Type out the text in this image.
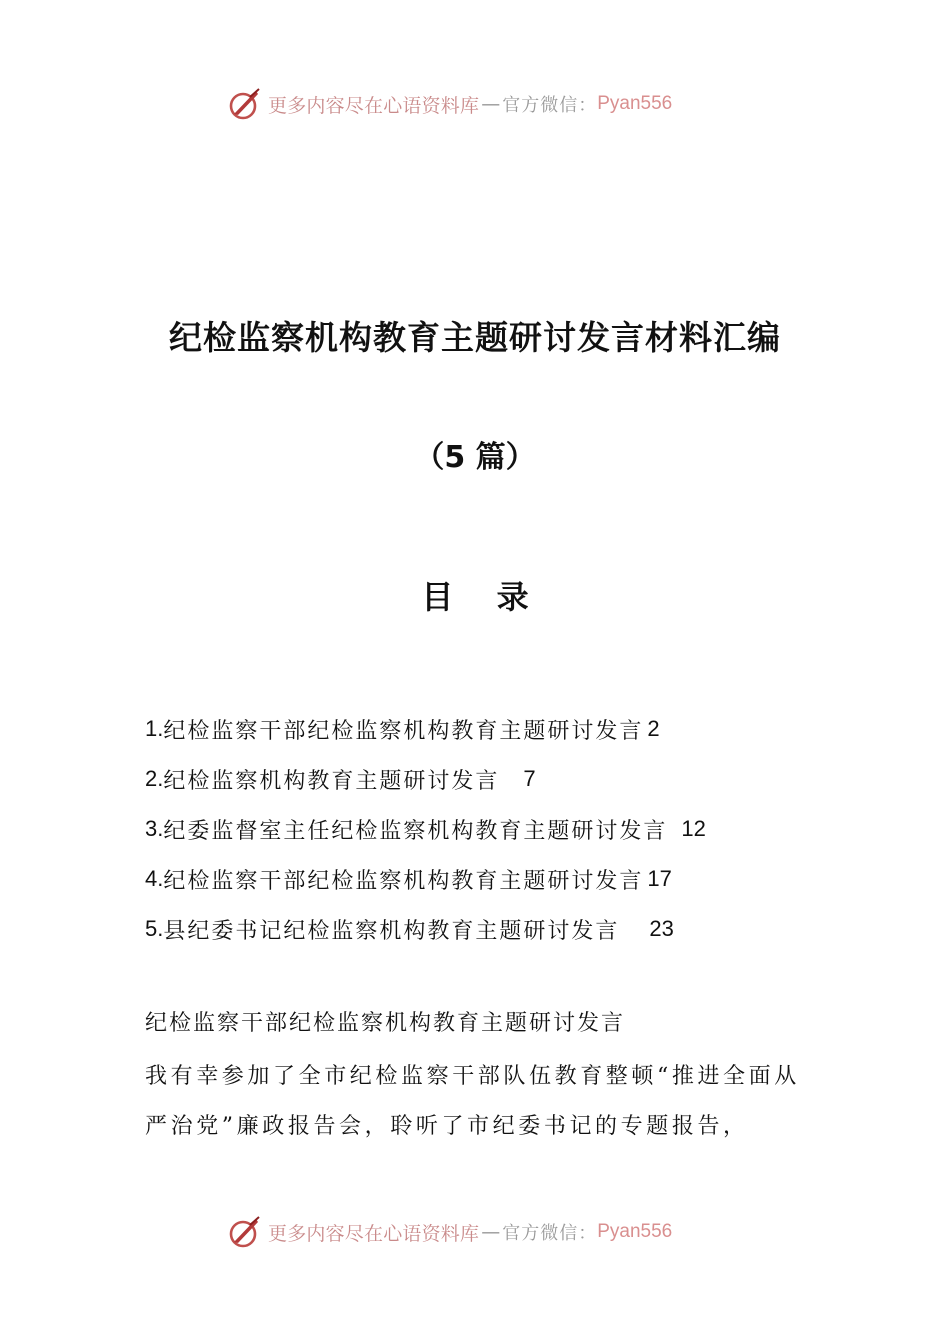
更多内容尽在心语资料库 — 官方微信： Pyan556
纪检监察机构教育主题研讨发言材料汇编
（5 篇）
目 录
1. 纪检监察干部纪检监察机构教育主题研讨发言 2
2. 纪检监察机构教育主题研讨发言 7
3. 纪委监督室主任纪检监察机构教育主题研讨发言 12
4. 纪检监察干部纪检监察机构教育主题研讨发言 17
5. 县纪委书记纪检监察机构教育主题研讨发言 23
纪检监察干部纪检监察机构教育主题研讨发言
我有幸参加了全市纪检监察干部队伍教育整顿“推进全面从严治党”廉政报告会，聆听了市纪委书记的专题报告，
更多内容尽在心语资料库 — 官方微信： Pyan556
